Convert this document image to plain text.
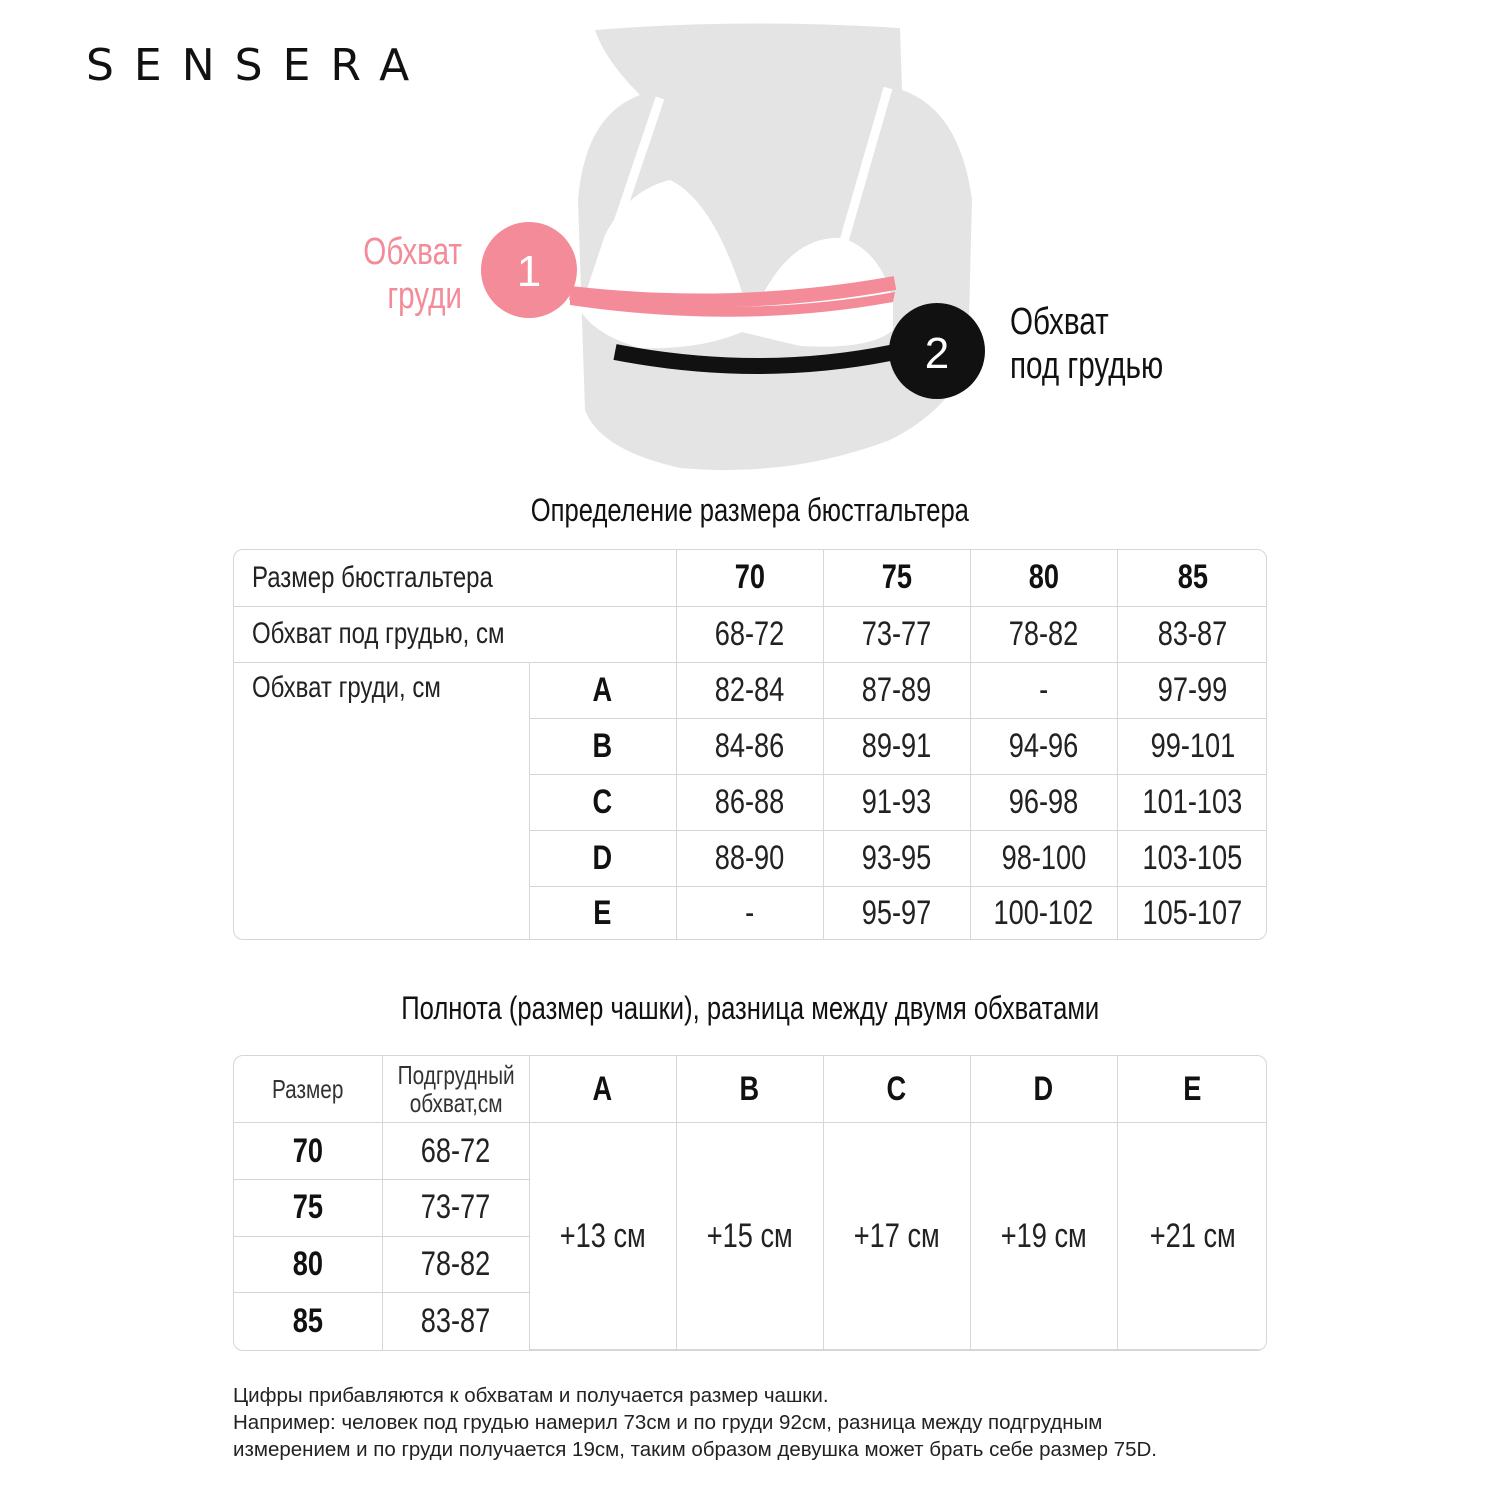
SENSERA
1
2
Обхват
груди
Обхват
под грудью
Определение размера бюстгальтера
Размер бюстгальтера		70	75	80	85
Обхват под грудью, см		68-72	73-77	78-82	83-87
Обхват груди, см	A	82-84	87-89	-	97-99
	B	84-86	89-91	94-96	99-101
	C	86-88	91-93	96-98	101-103
	D	88-90	93-95	98-100	103-105
	E	-	95-97	100-102	105-107
Полнота (размер чашки), разница между двумя обхватами
Размер	Подгрудный
обхват,см	A	B	C	D	E
70	68-72	+13 см	+15 см	+17 см	+19 см	+21 см
75	73-77					
80	78-82					
85	83-87					

Цифры прибавляются к обхватам и получается размер чашки.

Например: человек под грудью намерил 73см и по груди 92см, разница между подгрудным

измерением и по груди получается 19см, таким образом девушка может брать себе размер 75D.
